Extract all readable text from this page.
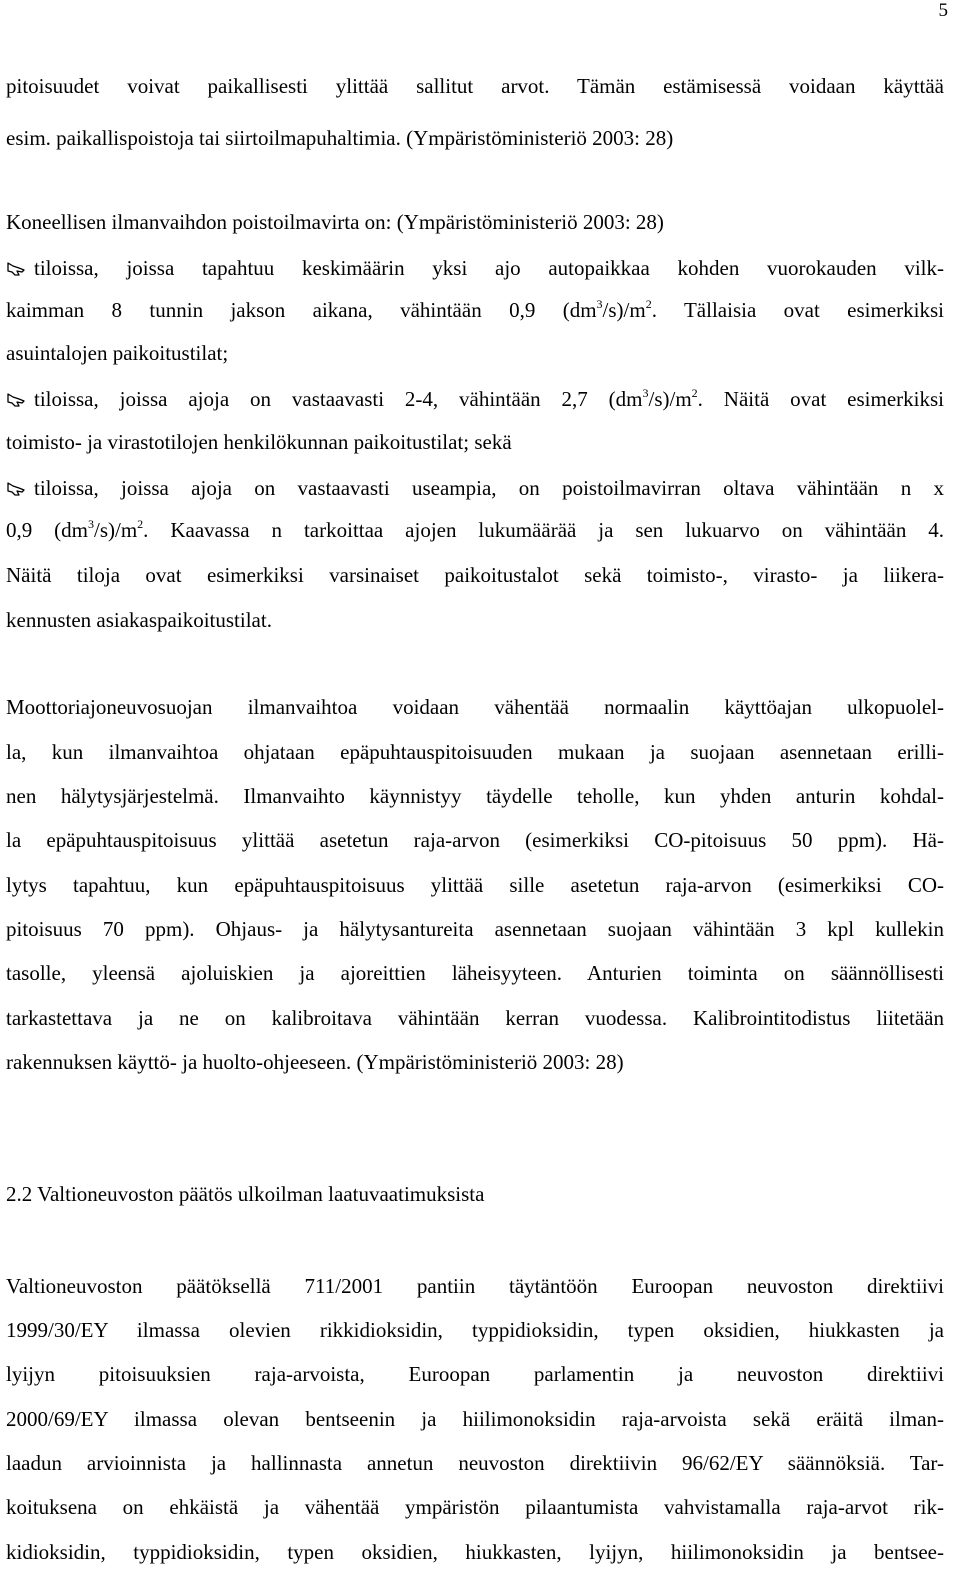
5
pitoisuudet voivat paikallisesti ylittää sallitut arvot. Tämän estämisessä voidaan käyttää
esim. paikallispoistoja tai siirtoilmapuhaltimia. (Ympäristöministeriö 2003: 28)
Koneellisen ilmanvaihdon poistoilmavirta on: (Ympäristöministeriö 2003: 28)
tiloissa, joissa tapahtuu keskimäärin yksi ajo autopaikkaa kohden vuorokauden vilk-
kaimman 8 tunnin jakson aikana, vähintään 0,9 $(dm^3/s)/m^2$. Tällaisia ovat esimerkiksi
asuintalojen paikoitustilat;
tiloissa, joissa ajoja on vastaavasti 2-4, vähintään 2,7 $(dm^3/s)/m^2$. Näitä ovat esimerkiksi
toimisto- ja virastotilojen henkilökunnan paikoitustilat; sekä
tiloissa, joissa ajoja on vastaavasti useampia, on poistoilmavirran oltava vähintään n x
0,9 $(dm^3/s)/m^2$. Kaavassa n tarkoittaa ajojen lukumäärää ja sen lukuarvo on vähintään 4.
Näitä tiloja ovat esimerkiksi varsinaiset paikoitustalot sekä toimisto-, virasto- ja liikera-
kennusten asiakaspaikoitustilat.
Moottoriajoneuvosuojan ilmanvaihtoa voidaan vähentää normaalin käyttöajan ulkopuolel-
la, kun ilmanvaihtoa ohjataan epäpuhtauspitoisuuden mukaan ja suojaan asennetaan erilli-
nen hälytysjärjestelmä. Ilmanvaihto käynnistyy täydelle teholle, kun yhden anturin kohdal-
la epäpuhtauspitoisuus ylittää asetetun raja-arvon (esimerkiksi CO-pitoisuus 50 ppm). Hä-
lytys tapahtuu, kun epäpuhtauspitoisuus ylittää sille asetetun raja-arvon (esimerkiksi CO-
pitoisuus 70 ppm). Ohjaus- ja hälytysantureita asennetaan suojaan vähintään 3 kpl kullekin
tasolle, yleensä ajoluiskien ja ajoreittien läheisyyteen. Anturien toiminta on säännöllisesti
tarkastettava ja ne on kalibroitava vähintään kerran vuodessa. Kalibrointitodistus liitetään
rakennuksen käyttö- ja huolto-ohjeeseen. (Ympäristöministeriö 2003: 28)
2.2 Valtioneuvoston päätös ulkoilman laatuvaatimuksista
Valtioneuvoston päätöksellä 711/2001 pantiin täytäntöön Euroopan neuvoston direktiivi
1999/30/EY ilmassa olevien rikkidioksidin, typpidioksidin, typen oksidien, hiukkasten ja
lyijyn pitoisuuksien raja-arvoista, Euroopan parlamentin ja neuvoston direktiivi
2000/69/EY ilmassa olevan bentseenin ja hiilimonoksidin raja-arvoista sekä eräitä ilman-
laadun arvioinnista ja hallinnasta annetun neuvoston direktiivin 96/62/EY säännöksiä. Tar-
koituksena on ehkäistä ja vähentää ympäristön pilaantumista vahvistamalla raja-arvot rik-
kidioksidin, typpidioksidin, typen oksidien, hiukkasten, lyijyn, hiilimonoksidin ja bentsee-
